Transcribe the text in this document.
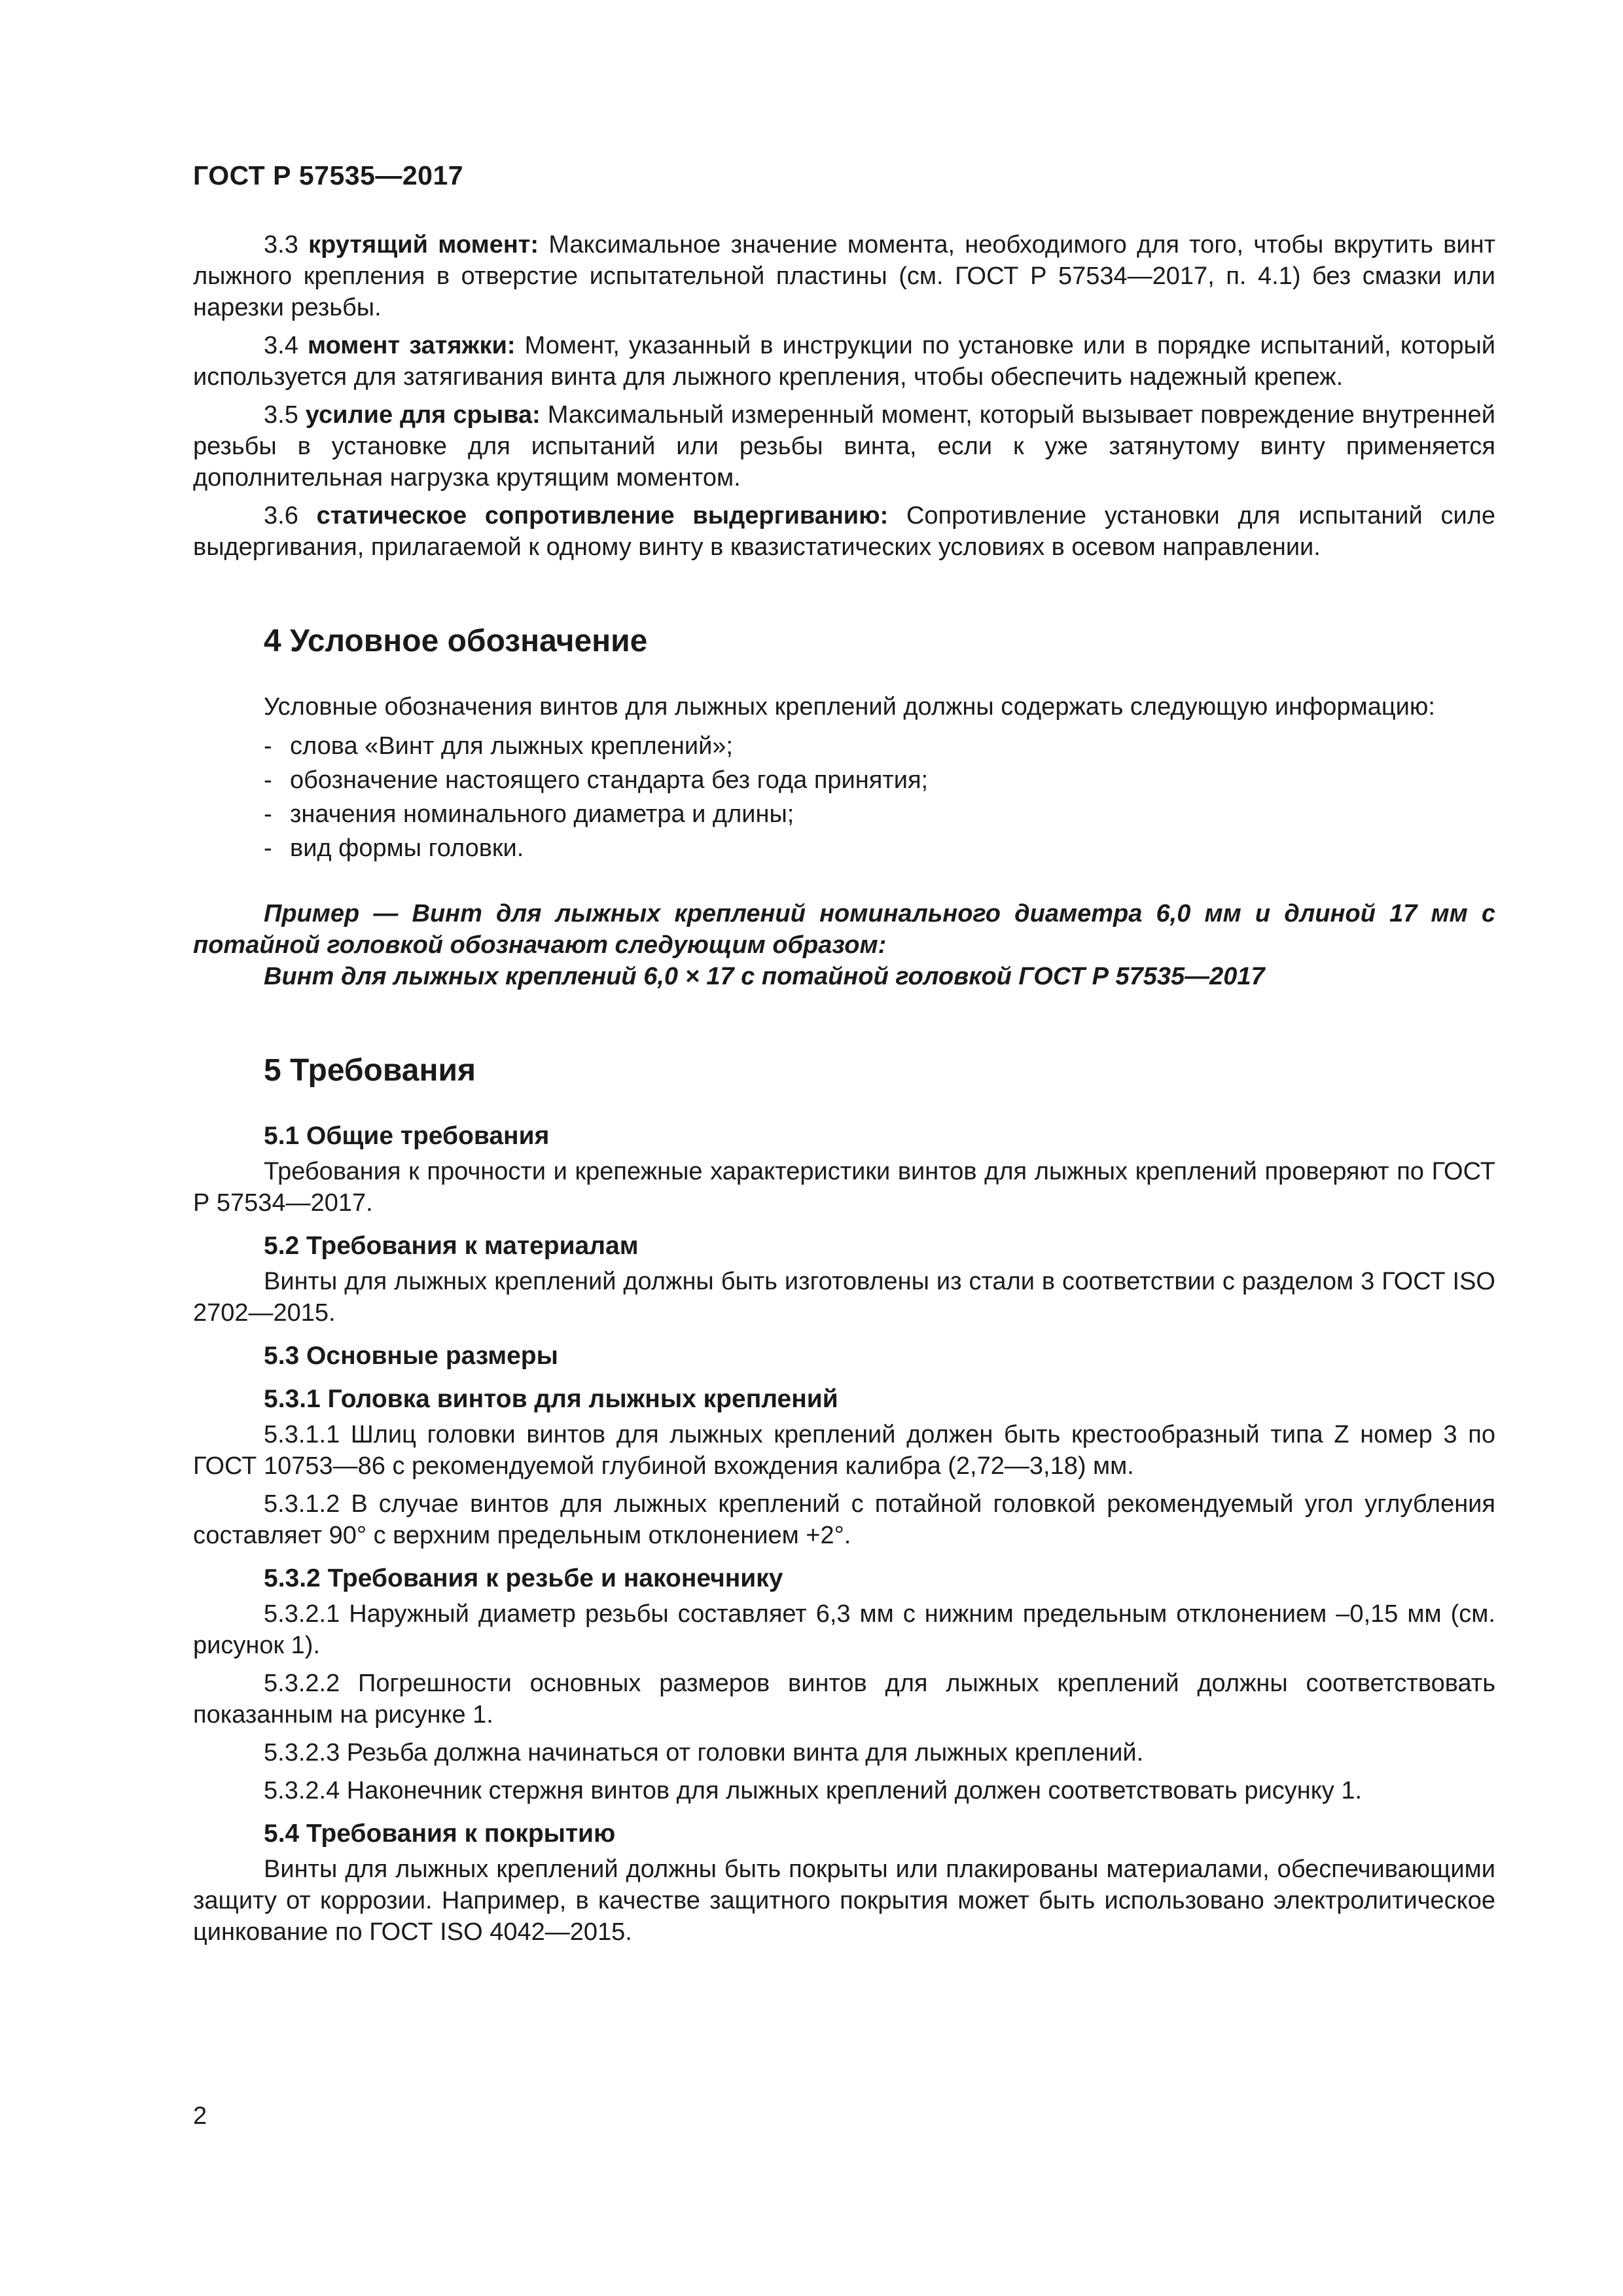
ГОСТ Р 57535—2017

3.3 крутящий момент: Максимальное значение момента, необходимого для того, чтобы вкрутить винт лыжного крепления в отверстие испытательной пластины (см. ГОСТ Р 57534—2017, п. 4.1) без смазки или нарезки резьбы.

3.4 момент затяжки: Момент, указанный в инструкции по установке или в порядке испытаний, который используется для затягивания винта для лыжного крепления, чтобы обеспечить надежный крепеж.

3.5 усилие для срыва: Максимальный измеренный момент, который вызывает повреждение внутренней резьбы в установке для испытаний или резьбы винта, если к уже затянутому винту применяется дополнительная нагрузка крутящим моментом.

3.6 статическое сопротивление выдергиванию: Сопротивление установки для испытаний силе выдергивания, прилагаемой к одному винту в квазистатических условиях в осевом направлении.

4 Условное обозначение

Условные обозначения винтов для лыжных креплений должны содержать следующую информацию:

- слова «Винт для лыжных креплений»;
- обозначение настоящего стандарта без года принятия;
- значения номинального диаметра и длины;
- вид формы головки.

Пример — Винт для лыжных креплений номинального диаметра 6,0 мм и длиной 17 мм с потайной головкой обозначают следующим образом:

Винт для лыжных креплений 6,0 × 17 с потайной головкой ГОСТ Р 57535—2017

5 Требования
5.1 Общие требования

Требования к прочности и крепежные характеристики винтов для лыжных креплений проверяют по ГОСТ Р 57534—2017.

5.2 Требования к материалам

Винты для лыжных креплений должны быть изготовлены из стали в соответствии с разделом 3 ГОСТ ISO 2702—2015.

5.3 Основные размеры
5.3.1 Головка винтов для лыжных креплений

5.3.1.1 Шлиц головки винтов для лыжных креплений должен быть крестообразный типа Z номер 3 по ГОСТ 10753—86 с рекомендуемой глубиной вхождения калибра (2,72—3,18) мм.

5.3.1.2 В случае винтов для лыжных креплений с потайной головкой рекомендуемый угол углубления составляет 90° с верхним предельным отклонением +2°.

5.3.2 Требования к резьбе и наконечнику

5.3.2.1 Наружный диаметр резьбы составляет 6,3 мм с нижним предельным отклонением –0,15 мм (см. рисунок 1).

5.3.2.2 Погрешности основных размеров винтов для лыжных креплений должны соответствовать показанным на рисунке 1.

5.3.2.3 Резьба должна начинаться от головки винта для лыжных креплений.

5.3.2.4 Наконечник стержня винтов для лыжных креплений должен соответствовать рисунку 1.

5.4 Требования к покрытию

Винты для лыжных креплений должны быть покрыты или плакированы материалами, обеспечивающими защиту от коррозии. Например, в качестве защитного покрытия может быть использовано электролитическое цинкование по ГОСТ ISO 4042—2015.

2
